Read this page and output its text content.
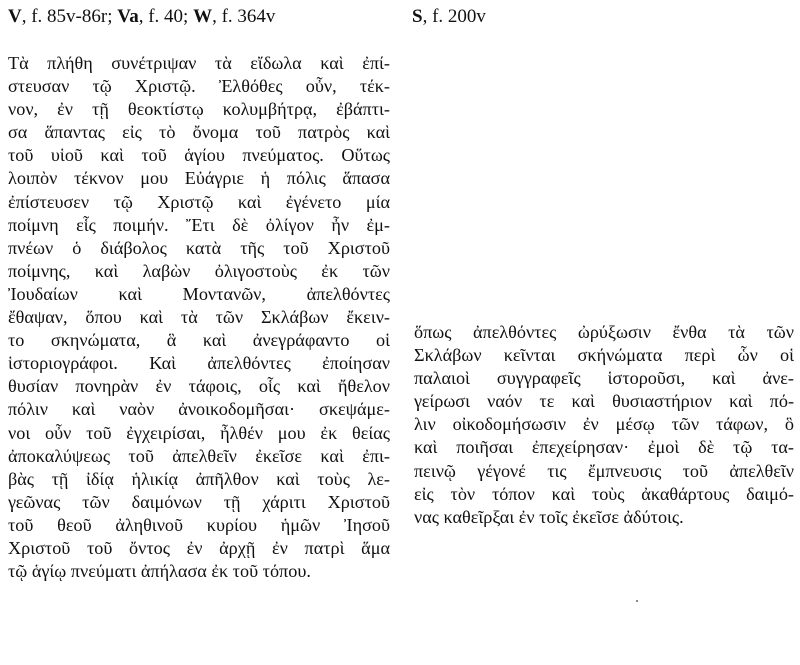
V, f. 85v-86r; Va, f. 40; W, f. 364v	S, f. 200v
Τὰ πλήθη συνέτριψαν τὰ εἴδωλα καὶ ἐπί-
στευσαν τῷ Χριστῷ. Ἐλθόθες οὖν, τέκ-
νον, ἐν τῇ θεοκτίστῳ κολυμβήτρᾳ, ἐβάπτι-
σα ἅπαντας εἰς τὸ ὄνομα τοῦ πατρὸς καὶ
τοῦ υἱοῦ καὶ τοῦ ἁγίου πνεύματος. Οὕτως
λοιπὸν τέκνον μου Εὐάγριε ἡ πόλις ἅπασα
ἐπίστευσεν τῷ Χριστῷ καὶ ἐγένετο μία
ποίμνη εἷς ποιμήν. Ἔτι δὲ ὀλίγον ἦν ἐμ-
πνέων ὁ διάβολος κατὰ τῆς τοῦ Χριστοῦ
ποίμνης, καὶ λαβὼν ὀλιγοστοὺς ἐκ τῶν
Ἰουδαίων καὶ Μοντανῶν, ἀπελθόντες
ἔθαψαν, ὅπου καὶ τὰ τῶν Σκλάβων ἔκειν-
το σκηνώματα, ἃ καὶ ἀνεγράφαντο οἱ
ἱστοριογράφοι. Καὶ ἀπελθόντες ἐποίησαν
θυσίαν πονηρὰν ἐν τάφοις, οἷς καὶ ἤθελον
πόλιν καὶ ναὸν ἀνοικοδομῆσαι· σκεψάμε-
νοι οὖν τοῦ ἐγχειρίσαι, ἦλθέν μου ἐκ θείας
ἀποκαλύψεως τοῦ ἀπελθεῖν ἐκεῖσε καὶ ἐπι-
βὰς τῇ ἰδίᾳ ἡλικίᾳ ἀπῆλθον καὶ τοὺς λε-
γεῶνας τῶν δαιμόνων τῇ χάριτι Χριστοῦ
τοῦ θεοῦ ἀληθινοῦ κυρίου ἡμῶν Ἰησοῦ
Χριστοῦ τοῦ ὄντος ἐν ἀρχῇ ἐν πατρὶ ἅμα
τῷ ἁγίῳ πνεύματι ἀπήλασα ἐκ τοῦ τόπου.
ὅπως ἀπελθόντες ὠρύξωσιν ἔνθα τὰ τῶν
Σκλάβων κεῖνται σκήνώματα περὶ ὧν οἱ
παλαιοὶ συγγραφεῖς ἱστοροῦσι, καὶ ἀνε-
γείρωσι ναόν τε καὶ θυσιαστήριον καὶ πό-
λιν οἰκοδομήσωσιν ἐν μέσῳ τῶν τάφων, ὃ
καὶ ποιῆσαι ἐπεχείρησαν· ἐμοὶ δὲ τῷ τα-
πεινῷ γέγονέ τις ἔμπνευσις τοῦ ἀπελθεῖν
εἰς τὸν τόπον καὶ τοὺς ἀκαθάρτους δαιμό-
νας καθεῖρξαι ἐν τοῖς ἐκεῖσε ἀδύτοις.
